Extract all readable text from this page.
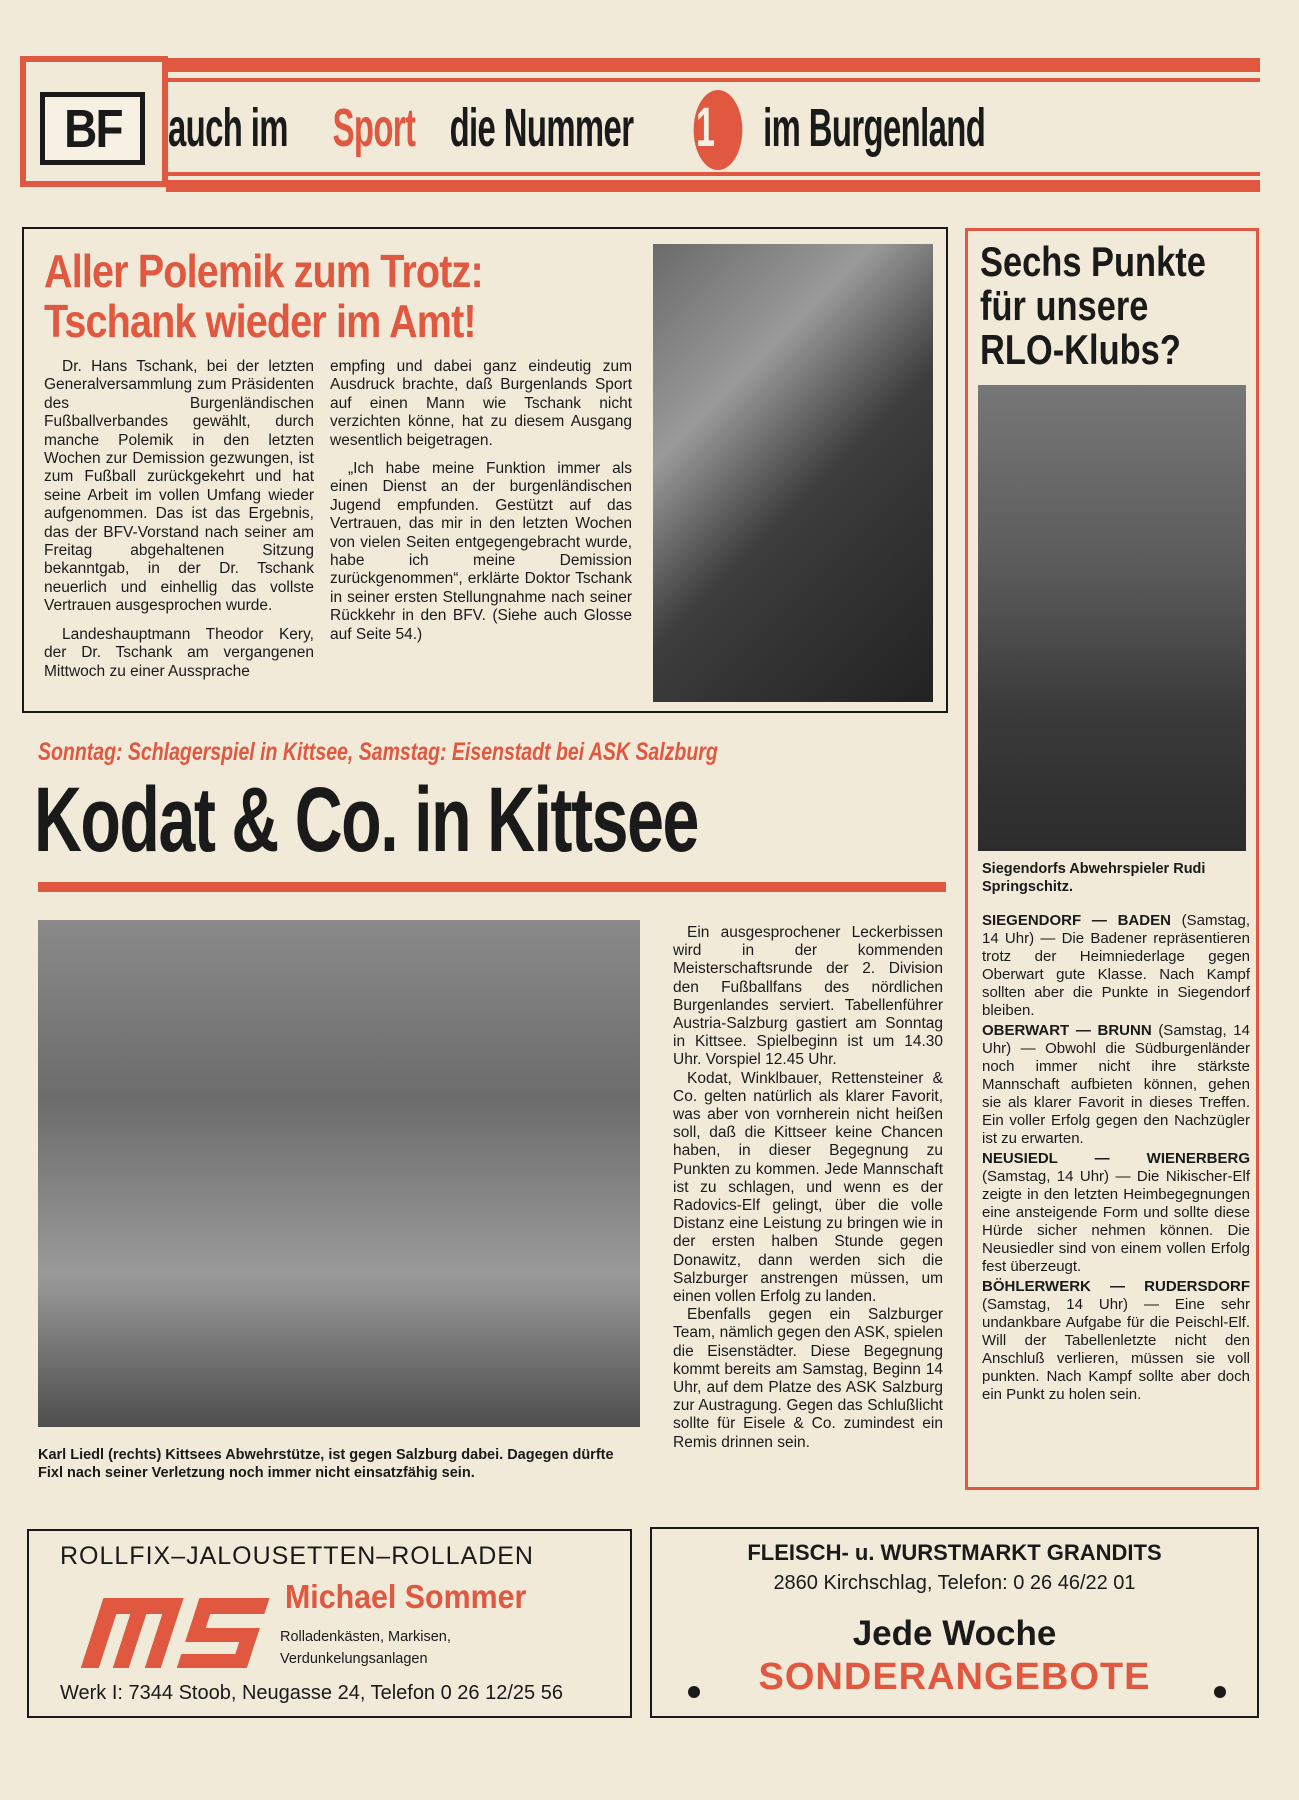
BF auch im Sport die Nummer 1 im Burgenland
Aller Polemik zum Trotz:
Tschank wieder im Amt!

Dr. Hans Tschank, bei der letzten Generalversammlung zum Präsidenten des Burgenländischen Fußballverbandes gewählt, durch manche Polemik in den letzten Wochen zur Demission gezwungen, ist zum Fußball zurückgekehrt und hat seine Arbeit im vollen Umfang wieder aufgenommen. Das ist das Ergebnis, das der BFV-Vorstand nach seiner am Freitag abgehaltenen Sitzung bekanntgab, in der Dr. Tschank neuerlich und einhellig das vollste Vertrauen ausgesprochen wurde.

Landeshauptmann Theodor Kery, der Dr. Tschank am vergangenen Mittwoch zu einer Aussprache

empfing und dabei ganz eindeutig zum Ausdruck brachte, daß Burgenlands Sport auf einen Mann wie Tschank nicht verzichten könne, hat zu diesem Ausgang wesentlich beigetragen.

„Ich habe meine Funktion immer als einen Dienst an der burgenländischen Jugend empfunden. Gestützt auf das Vertrauen, das mir in den letzten Wochen von vielen Seiten entgegengebracht wurde, habe ich meine Demission zurückgenommen“, erklärte Doktor Tschank in seiner ersten Stellungnahme nach seiner Rückkehr in den BFV. (Siehe auch Glosse auf Seite 54.)

Sechs Punkte
für unsere
RLO-Klubs?
Siegendorfs Abwehrspieler Rudi Springschitz.
SIEGENDORF — BADEN (Samstag, 14 Uhr) — Die Badener repräsentieren trotz der Heimniederlage gegen Oberwart gute Klasse. Nach Kampf sollten aber die Punkte in Siegendorf bleiben.
OBERWART — BRUNN (Samstag, 14 Uhr) — Obwohl die Südburgenländer noch immer nicht ihre stärkste Mannschaft aufbieten können, gehen sie als klarer Favorit in dieses Treffen. Ein voller Erfolg gegen den Nachzügler ist zu erwarten.
NEUSIEDL — WIENERBERG (Samstag, 14 Uhr) — Die Nikischer-Elf zeigte in den letzten Heimbegegnungen eine ansteigende Form und sollte diese Hürde sicher nehmen können. Die Neusiedler sind von einem vollen Erfolg fest überzeugt.
BÖHLERWERK — RUDERSDORF (Samstag, 14 Uhr) — Eine sehr undankbare Aufgabe für die Peischl-Elf. Will der Tabellenletzte nicht den Anschluß verlieren, müssen sie voll punkten. Nach Kampf sollte aber doch ein Punkt zu holen sein.
Sonntag: Schlagerspiel in Kittsee, Samstag: Eisenstadt bei ASK Salzburg
Kodat & Co. in Kittsee
Karl Liedl (rechts) Kittsees Abwehrstütze, ist gegen Salzburg dabei. Dagegen dürfte Fixl nach seiner Verletzung noch immer nicht einsatzfähig sein.

Ein ausgesprochener Leckerbissen wird in der kommenden Meisterschaftsrunde der 2. Division den Fußballfans des nördlichen Burgenlandes serviert. Tabellenführer Austria-Salzburg gastiert am Sonntag in Kittsee. Spielbeginn ist um 14.30 Uhr. Vorspiel 12.45 Uhr.

Kodat, Winklbauer, Rettensteiner & Co. gelten natürlich als klarer Favorit, was aber von vornherein nicht heißen soll, daß die Kittseer keine Chancen haben, in dieser Begegnung zu Punkten zu kommen. Jede Mannschaft ist zu schlagen, und wenn es der Radovics-Elf gelingt, über die volle Distanz eine Leistung zu bringen wie in der ersten halben Stunde gegen Donawitz, dann werden sich die Salzburger anstrengen müssen, um einen vollen Erfolg zu landen.

Ebenfalls gegen ein Salzburger Team, nämlich gegen den ASK, spielen die Eisenstädter. Diese Begegnung kommt bereits am Samstag, Beginn 14 Uhr, auf dem Platze des ASK Salzburg zur Austragung. Gegen das Schlußlicht sollte für Eisele & Co. zumindest ein Remis drinnen sein.

ROLLFIX–JALOUSETTEN–ROLLADEN
Michael Sommer
Rolladenkästen, Markisen,
Verdunkelungsanlagen
Werk I: 7344 Stoob, Neugasse 24, Telefon 0 26 12/25 56
FLEISCH- u. WURSTMARKT GRANDITS
2860 Kirchschlag, Telefon: 0 26 46/22 01
Jede Woche
SONDERANGEBOTE
